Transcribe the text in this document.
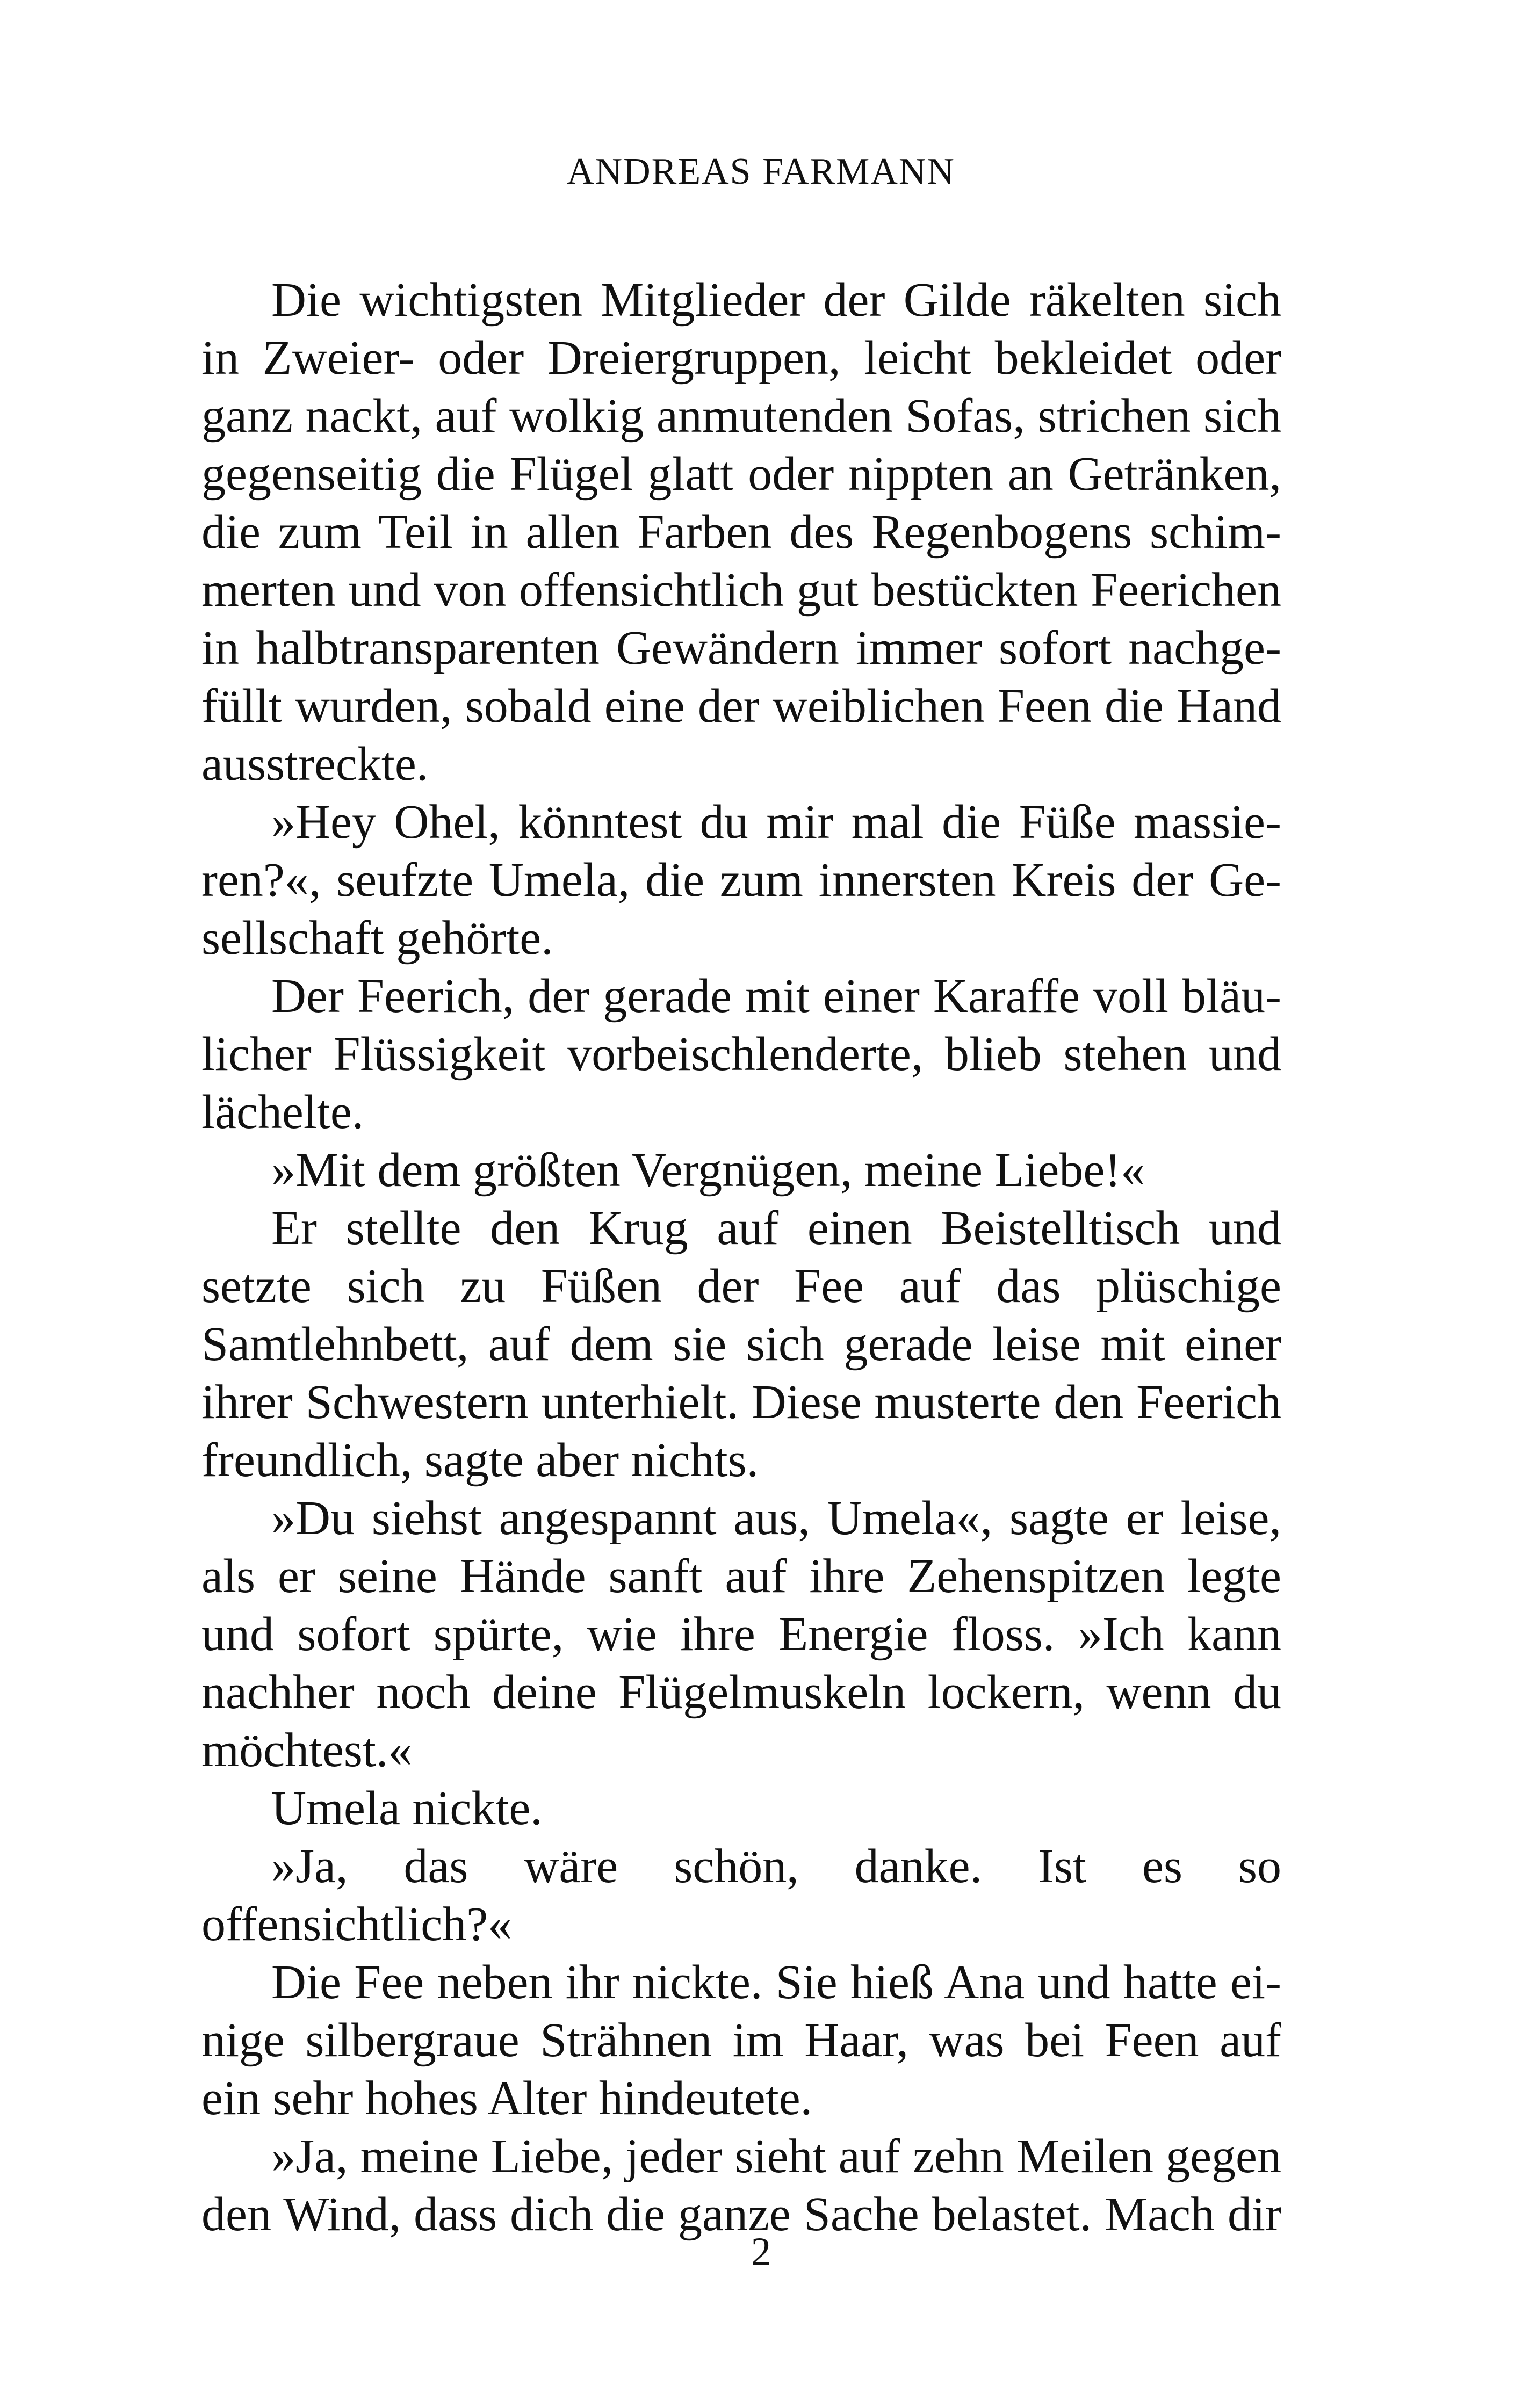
ANDREAS FARMANN

Die wichtigsten Mitglieder der Gilde räkelten sich in Zweier- oder Dreiergruppen, leicht bekleidet oder ganz nackt, auf wolkig anmutenden Sofas, strichen sich gegenseitig die Flügel glatt oder nippten an Getränken, die zum Teil in allen Farben des Regenbogens schimmerten und von offensichtlich gut bestückten Feerichen in halbtransparenten Gewändern immer sofort nachgefüllt wurden, sobald eine der weiblichen Feen die Hand ausstreckte.

»Hey Ohel, könntest du mir mal die Füße massieren?«, seufzte Umela, die zum innersten Kreis der Gesellschaft gehörte.

Der Feerich, der gerade mit einer Karaffe voll bläulicher Flüssigkeit vorbeischlenderte, blieb stehen und lächelte.

»Mit dem größten Vergnügen, meine Liebe!«

Er stellte den Krug auf einen Beistelltisch und setzte sich zu Füßen der Fee auf das plüschige Samtlehnbett, auf dem sie sich gerade leise mit einer ihrer Schwestern unterhielt. Diese musterte den Feerich freundlich, sagte aber nichts.

»Du siehst angespannt aus, Umela«, sagte er leise, als er seine Hände sanft auf ihre Zehenspitzen legte und sofort spürte, wie ihre Energie floss. »Ich kann nachher noch deine Flügelmuskeln lockern, wenn du möchtest.«

Umela nickte.

»Ja, das wäre schön, danke. Ist es so offensichtlich?«

Die Fee neben ihr nickte. Sie hieß Ana und hatte einige silbergraue Strähnen im Haar, was bei Feen auf ein sehr hohes Alter hindeutete.

»Ja, meine Liebe, jeder sieht auf zehn Meilen gegen den Wind, dass dich die ganze Sache belastet. Mach dir

2
